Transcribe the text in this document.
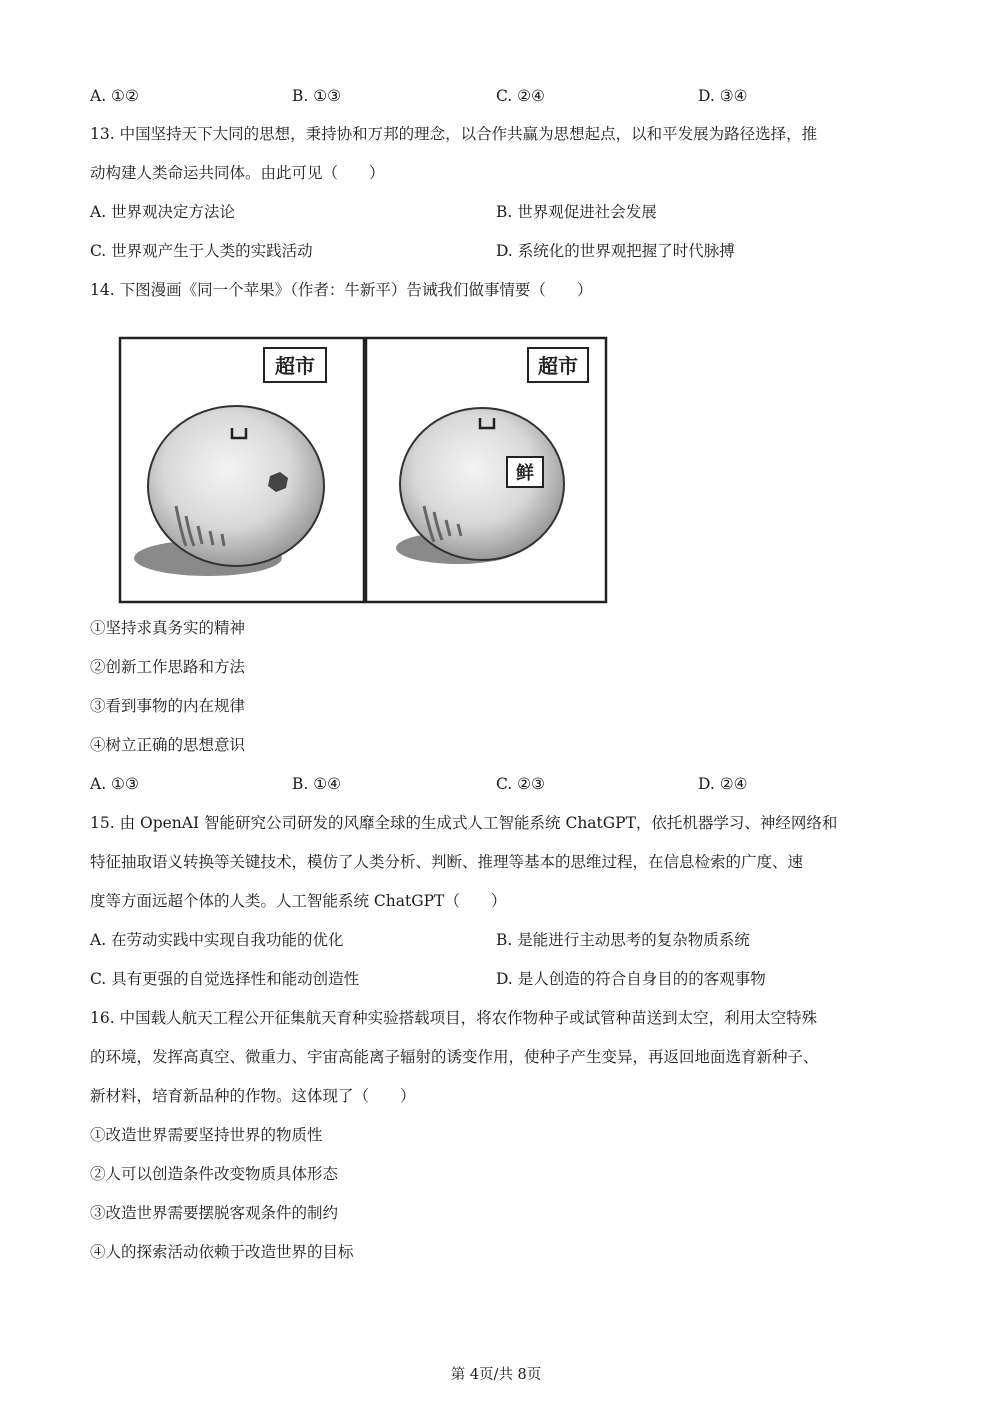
A. ①②	B. ①③	C. ②④	D. ③④
13. 中国坚持天下大同的思想，秉持协和万邦的理念，以合作共赢为思想起点，以和平发展为路径选择，推
动构建人类命运共同体。由此可见（　　）
A. 世界观决定方法论	B. 世界观促进社会发展
C. 世界观产生于人类的实践活动	D. 系统化的世界观把握了时代脉搏
14. 下图漫画《同一个苹果》（作者：牛新平）告诫我们做事情要（　　）
超市	超市
鲜
①坚持求真务实的精神
②创新工作思路和方法
③看到事物的内在规律
④树立正确的思想意识
A. ①③	B. ①④	C. ②③	D. ②④
15. 由 OpenAI 智能研究公司研发的风靡全球的生成式人工智能系统 ChatGPT，依托机器学习、神经网络和
特征抽取语义转换等关键技术，模仿了人类分析、判断、推理等基本的思维过程，在信息检索的广度、速
度等方面远超个体的人类。人工智能系统 ChatGPT（　　）
A. 在劳动实践中实现自我功能的优化	B. 是能进行主动思考的复杂物质系统
C. 具有更强的自觉选择性和能动创造性	D. 是人创造的符合自身目的的客观事物
16. 中国载人航天工程公开征集航天育种实验搭载项目，将农作物种子或试管种苗送到太空，利用太空特殊
的环境，发挥高真空、微重力、宇宙高能离子辐射的诱变作用，使种子产生变异，再返回地面选育新种子、
新材料，培育新品种的作物。这体现了（　　）
①改造世界需要坚持世界的物质性
②人可以创造条件改变物质具体形态
③改造世界需要摆脱客观条件的制约
④人的探索活动依赖于改造世界的目标
第 4页/共 8页
